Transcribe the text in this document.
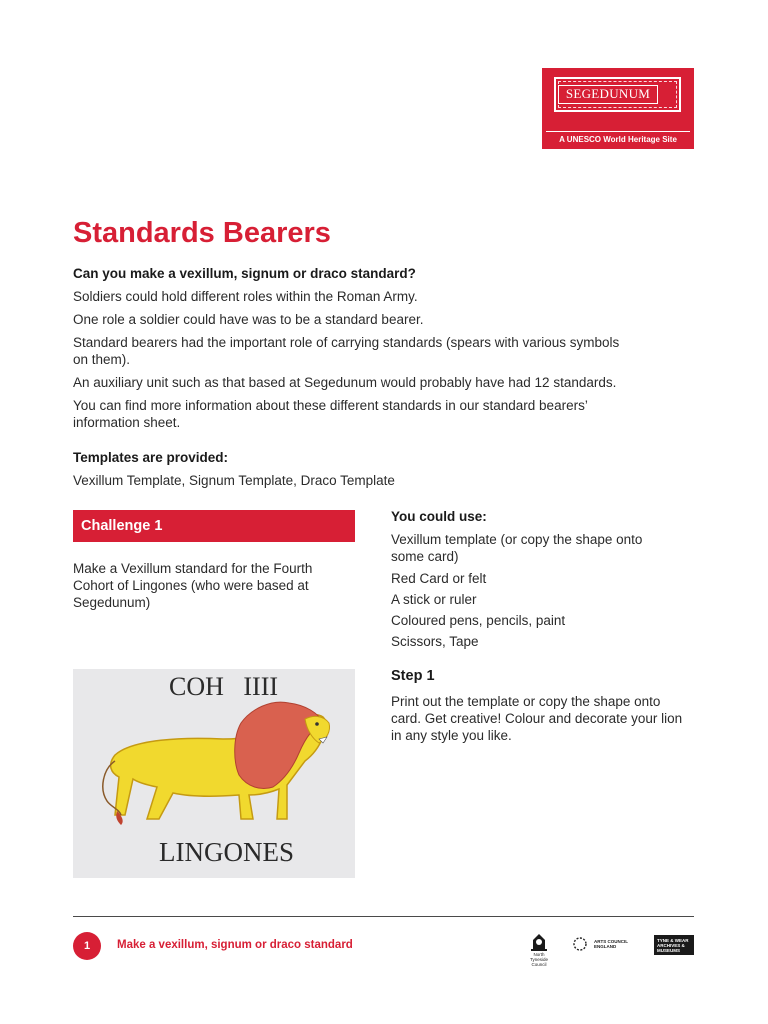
SEGEDUNUM
A UNESCO World Heritage Site
Standards Bearers

Can you make a vexillum, signum or draco standard?

Soldiers could hold different roles within the Roman Army.

One role a soldier could have was to be a standard bearer.

Standard bearers had the important role of carrying standards (spears with various symbols on them).

An auxiliary unit such as that based at Segedunum would probably have had 12 standards.

You can find more information about these different standards in our standard bearers’ information sheet.

Templates are provided:

Vexillum Template, Signum Template, Draco Template

Challenge 1

Make a Vexillum standard for the Fourth Cohort of Lingones (who were based at Segedunum)

COH   IIII
LINGONES

You could use:

Vexillum template (or copy the shape onto some card)

Red Card or felt

A stick or ruler

Coloured pens, pencils, paint

Scissors, Tape

Step 1

Print out the template or copy the shape onto card. Get creative! Colour and decorate your lion in any style you like.

1	Make a vexillum, signum or draco standard
North Tyneside Council
ARTS COUNCIL ENGLAND
TYNE & WEAR ARCHIVES & MUSEUMS
